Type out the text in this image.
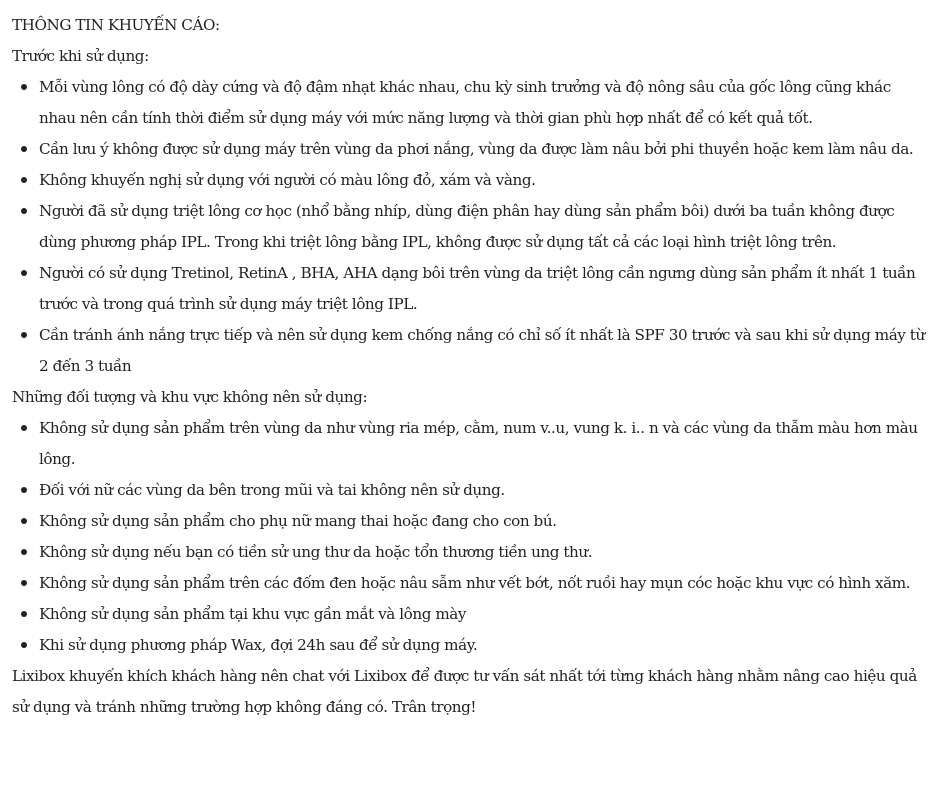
THÔNG TIN KHUYẾN CÁO:

Trước khi sử dụng:

Mỗi vùng lông có độ dày cứng và độ đậm nhạt khác nhau, chu kỳ sinh trưởng và độ nông sâu của gốc lông cũng khác nhau nên cần tính thời điểm sử dụng máy với mức năng lượng và thời gian phù hợp nhất để có kết quả tốt.
Cần lưu ý không được sử dụng máy trên vùng da phơi nắng, vùng da được làm nâu bởi phi thuyền hoặc kem làm nâu da.
Không khuyến nghị sử dụng với người có màu lông đỏ, xám và vàng.
Người đã sử dụng triệt lông cơ học (nhổ bằng nhíp, dùng điện phân hay dùng sản phẩm bôi) dưới ba tuần không được dùng phương pháp IPL. Trong khi triệt lông bằng IPL, không được sử dụng tất cả các loại hình triệt lông trên.
Người có sử dụng Tretinol, RetinA , BHA, AHA dạng bôi trên vùng da triệt lông cần ngưng dùng sản phẩm ít nhất 1 tuần trước và trong quá trình sử dụng máy triệt lông IPL.
Cần tránh ánh nắng trực tiếp và nên sử dụng kem chống nắng có chỉ số ít nhất là SPF 30 trước và sau khi sử dụng máy từ 2 đến 3 tuần

Những đối tượng và khu vực không nên sử dụng:

Không sử dụng sản phẩm trên vùng da như vùng ria mép, cằm, num v..u, vung k. i.. n và các vùng da thẫm màu hơn màu lông.
Đối với nữ các vùng da bên trong mũi và tai không nên sử dụng.
Không sử dụng sản phẩm cho phụ nữ mang thai hoặc đang cho con bú.
Không sử dụng nếu bạn có tiền sử ung thư da hoặc tổn thương tiền ung thư.
Không sử dụng sản phẩm trên các đốm đen hoặc nâu sẫm như vết bớt, nốt ruồi hay mụn cóc hoặc khu vực có hình xăm.
Không sử dụng sản phẩm tại khu vực gần mắt và lông mày
Khi sử dụng phương pháp Wax, đợi 24h sau để sử dụng máy.

Lixibox khuyến khích khách hàng nên chat với Lixibox để được tư vấn sát nhất tới từng khách hàng nhằm nâng cao hiệu quả sử dụng và tránh những trường hợp không đáng có. Trân trọng!
